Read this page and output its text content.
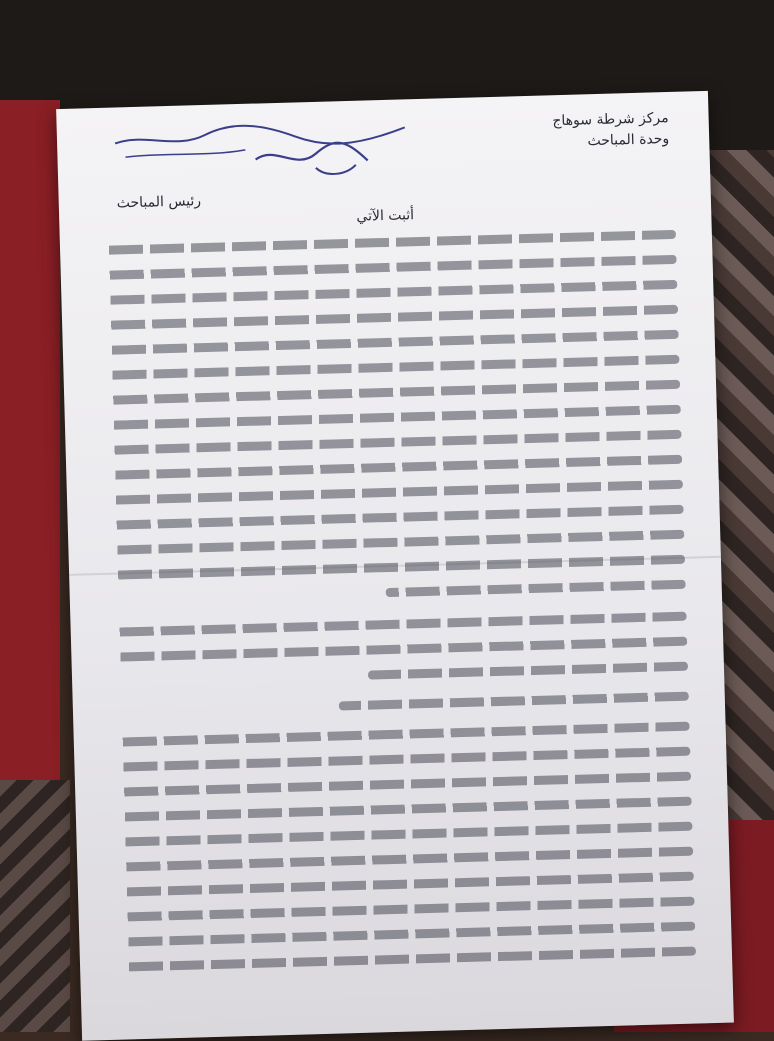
مركز شرطة سوهاج
وحدة المباحث
رئيس المباحث
أثبت الآتي
